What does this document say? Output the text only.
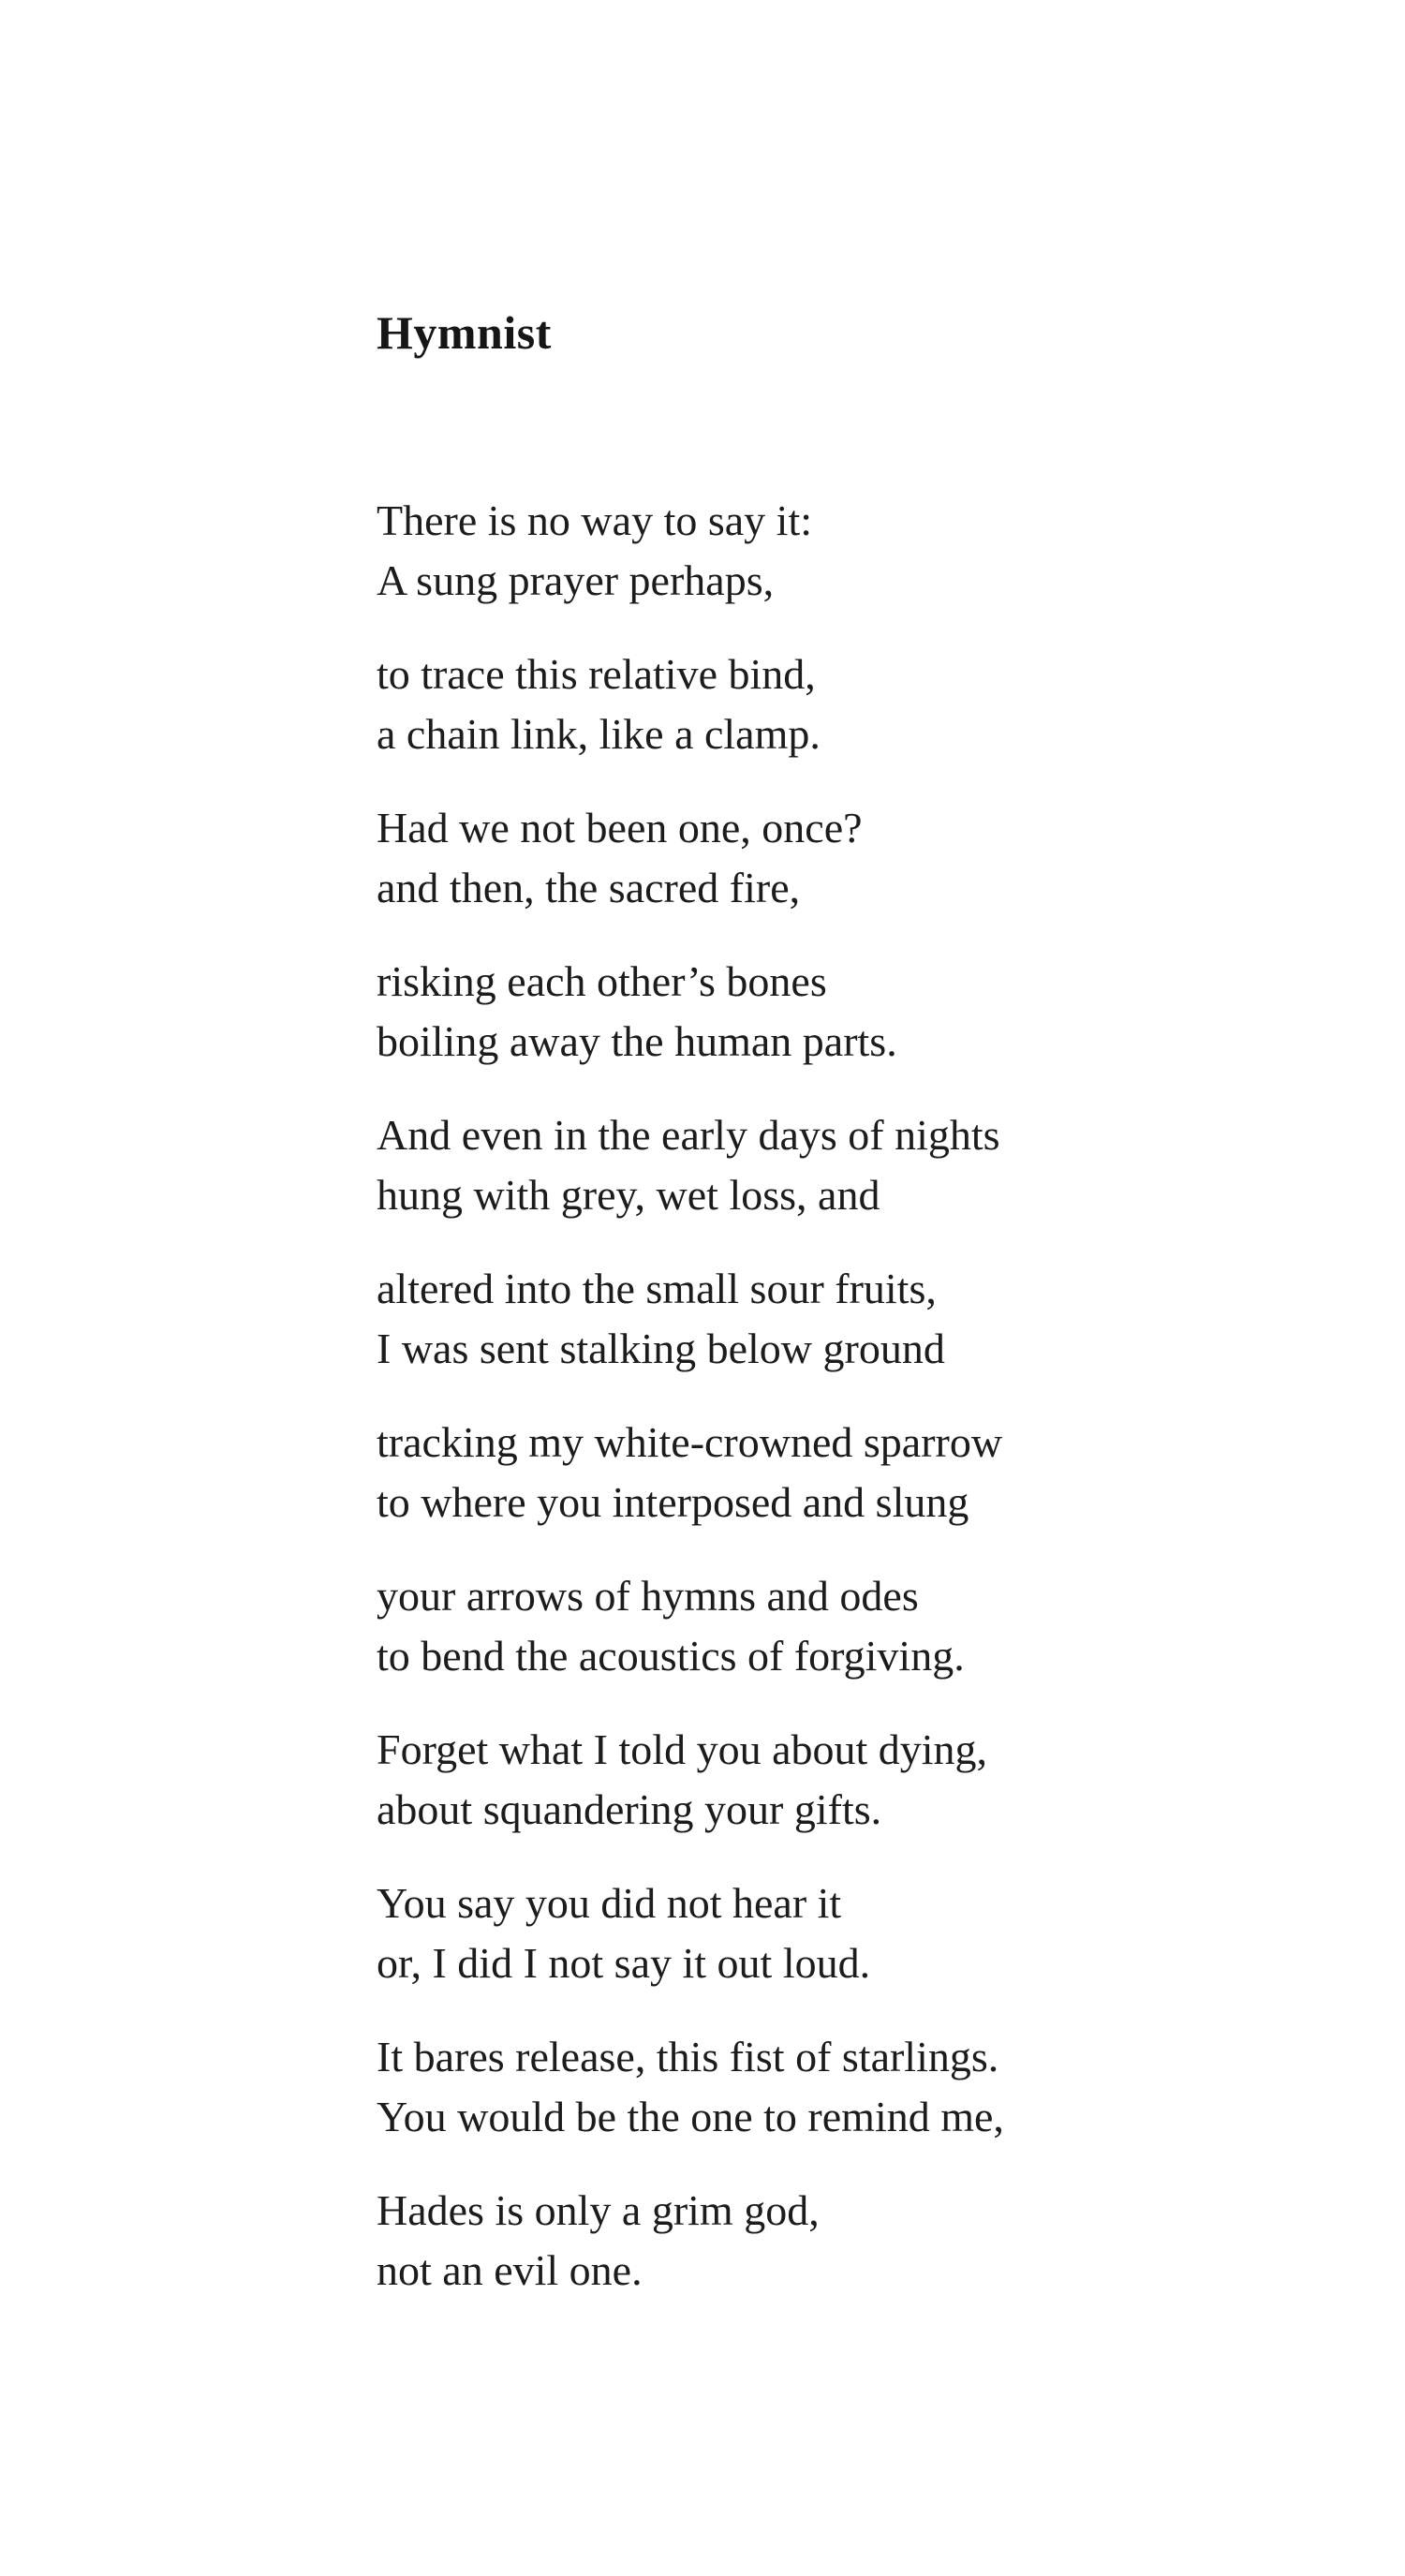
Hymnist

There is no way to say it:
A sung prayer perhaps,

to trace this relative bind,
a chain link, like a clamp.

Had we not been one, once?
and then, the sacred fire,

risking each other’s bones
boiling away the human parts.

And even in the early days of nights
hung with grey, wet loss, and

altered into the small sour fruits,
I was sent stalking below ground

tracking my white-crowned sparrow
to where you interposed and slung

your arrows of hymns and odes
to bend the acoustics of forgiving.

Forget what I told you about dying,
about squandering your gifts.

You say you did not hear it
or, I did I not say it out loud.

It bares release, this fist of starlings.
You would be the one to remind me,

Hades is only a grim god,
not an evil one.
